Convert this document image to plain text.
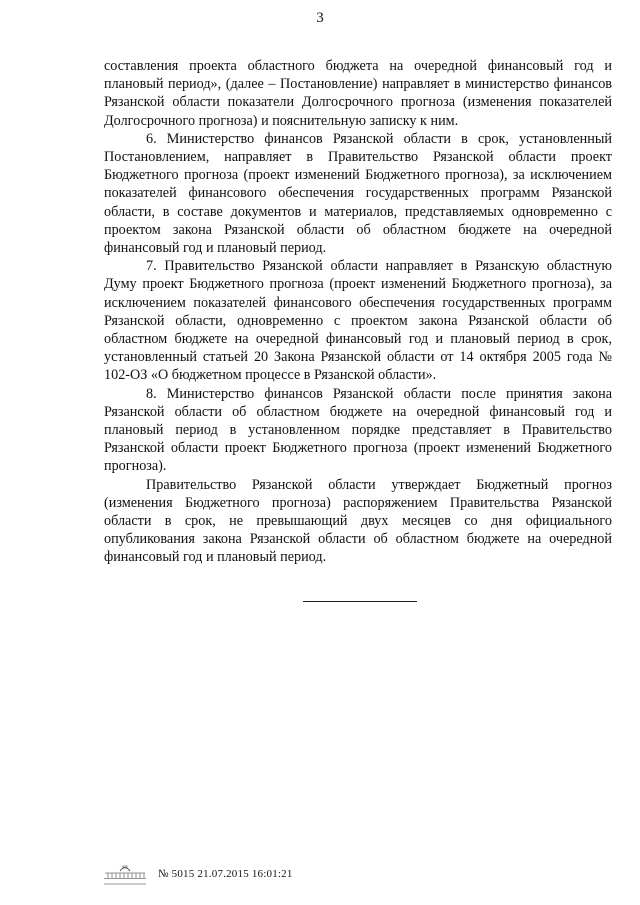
3

составления проекта областного бюджета на очередной финансовый год и плановый период», (далее – Постановление) направляет в министерство финансов Рязанской области показатели Долгосрочного прогноза (изменения показателей Долгосрочного прогноза) и пояснительную записку к ним.

6. Министерство финансов Рязанской области в срок, установленный Постановлением, направляет в Правительство Рязанской области проект Бюджетного прогноза (проект изменений Бюджетного прогноза), за исключением показателей финансового обеспечения государственных программ Рязанской области, в составе документов и материалов, представляемых одновременно с проектом закона Рязанской области об областном бюджете на очередной финансовый год и плановый период.

7. Правительство Рязанской области направляет в Рязанскую областную Думу проект Бюджетного прогноза (проект изменений Бюджетного прогноза), за исключением показателей финансового обеспечения государственных программ Рязанской области, одновременно с проектом закона Рязанской области об областном бюджете на очередной финансовый год и плановый период в срок, установленный статьей 20 Закона Рязанской области от 14 октября 2005 года № 102-ОЗ «О бюджетном процессе в Рязанской области».

8. Министерство финансов Рязанской области после принятия закона Рязанской области об областном бюджете на очередной финансовый год и плановый период в установленном порядке представляет в Правительство Рязанской области проект Бюджетного прогноза (проект изменений Бюджетного прогноза).

Правительство Рязанской области утверждает Бюджетный прогноз (изменения Бюджетного прогноза) распоряжением Правительства Рязанской области в срок, не превышающий двух месяцев со дня официального опубликования закона Рязанской области об областном бюджете на очередной финансовый год и плановый период.

№ 5015 21.07.2015 16:01:21
